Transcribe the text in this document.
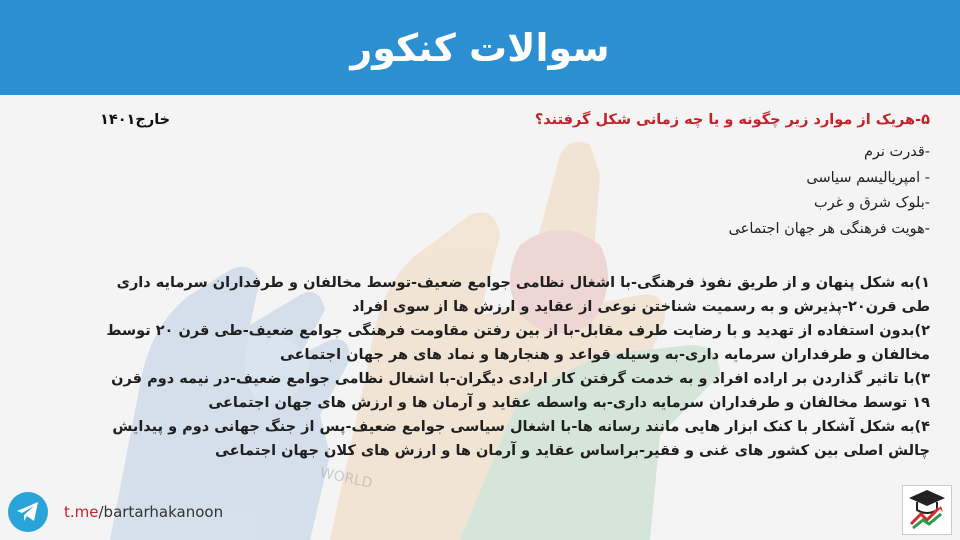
سوالات کنکور
WORLD
۵-هریک از موارد زیر چگونه و یا چه زمانی شکل گرفتند؟
خارج۱۴۰۱
-قدرت نرم
- امپریالیسم سیاسی
-بلوک شرق و غرب
-هویت فرهنگی هر جهان اجتماعی
۱)به شکل پنهان و از طریق نفوذ فرهنگی-با اشغال نظامی جوامع ضعیف-توسط مخالفان و طرفداران سرمایه داری طی قرن۲۰-پذیرش و به رسمیت شناختن نوعی از عقاید و ارزش ها از سوی افراد
۲)بدون استفاده از تهدید و با رضایت طرف مقابل-با از بین رفتن مقاومت فرهنگی جوامع ضعیف-طی قرن ۲۰ توسط مخالفان و طرفداران سرمایه داری-به وسیله قواعد و هنجارها و نماد های هر جهان اجتماعی
۳)با تاثیر گذاردن بر اراده افراد و به خدمت گرفتن کار ارادی دیگران-با اشغال نظامی جوامع ضعیف-در نیمه دوم قرن ۱۹ توسط مخالفان و طرفداران سرمایه داری-به واسطه عقاید و آرمان ها و ارزش های جهان اجتماعی
۴)به شکل آشکار با کنک ابزار هایی مانند رسانه ها-با اشغال سیاسی جوامع ضعیف-پس از جنگ جهانی دوم و پیدایش چالش اصلی بین کشور های غنی و فقیر-براساس عقاید و آرمان ها و ارزش های کلان جهان اجتماعی
t.me/bartarhakanoon
